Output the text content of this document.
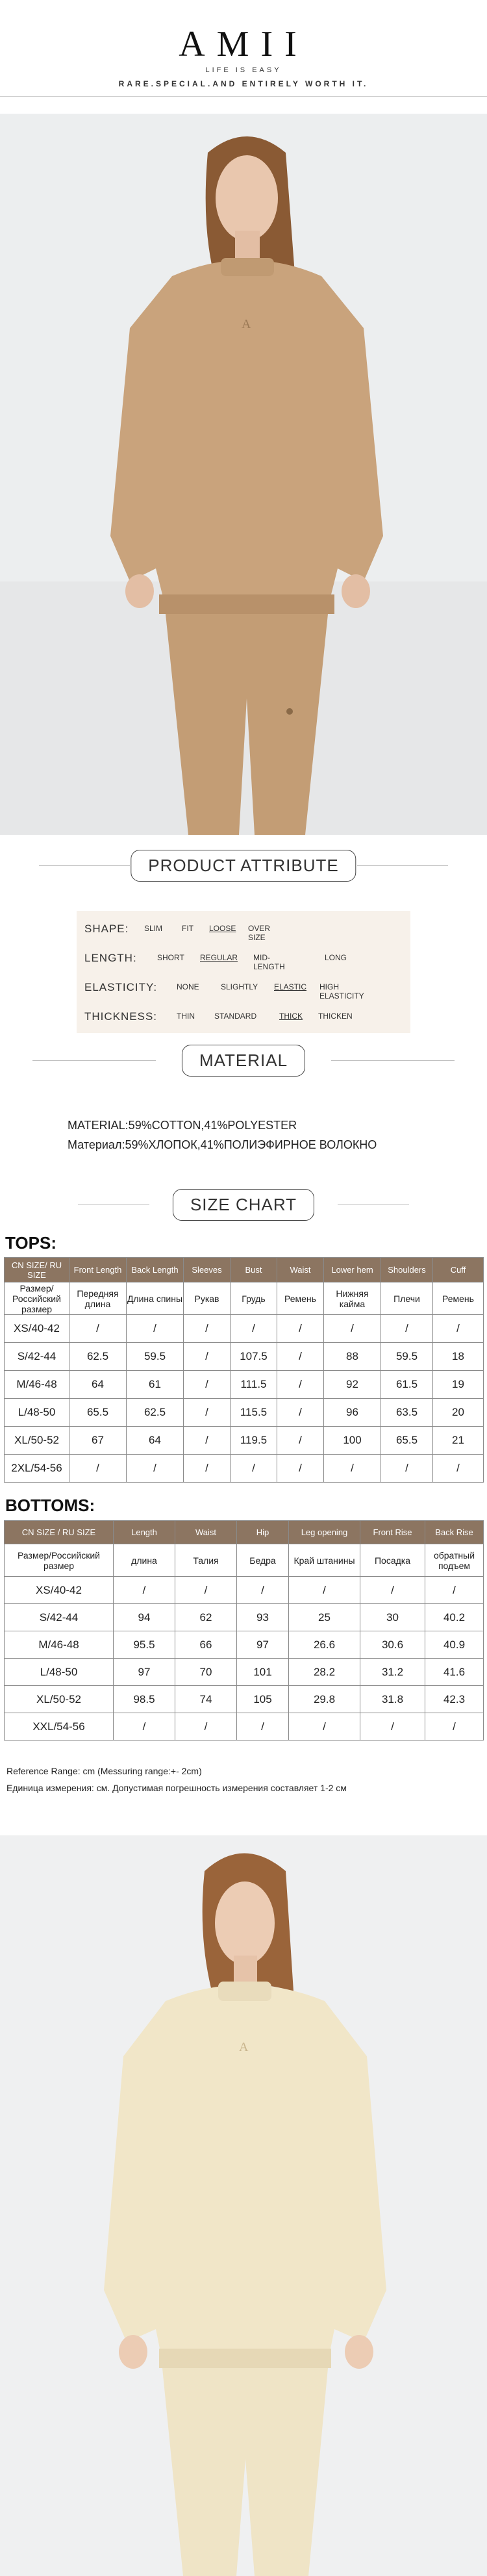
AMII
LIFE IS EASY
RARE.SPECIAL.AND ENTIRELY WORTH IT.
A
PRODUCT ATTRIBUTE
SHAPE: SLIM FIT LOOSE OVER SIZE
LENGTH:	SHORT REGULAR MID-LENGTH
LONG
ELASTICITY: NONE	SLIGHTLY ELASTIC HIGH ELASTICITY
THICKNESS: THIN	STANDARD	THICK THICKEN
MATERIAL
MATERIAL:59%COTTON,41%POLYESTER
Материал:59%ХЛОПОК,41%ПОЛИЭФИРНОЕ ВОЛОКНО
SIZE CHART
TOPS:
CN SIZE/ RU SIZE	Front Length	Back Length	Sleeves	Bust	Waist	Lower hem	Shoulders	Cuff
Размер/ Российский размер	Передняя длина	Длина спины	Рукав	Грудь	Ремень	Нижняя кайма	Плечи	Ремень
XS/40-42	/	/	/	/	/	/	/	/
S/42-44	62.5	59.5	/	107.5	/	88	59.5	18
M/46-48	64	61	/	111.5	/	92	61.5	19
L/48-50	65.5	62.5	/	115.5	/	96	63.5	20
XL/50-52	67	64	/	119.5	/	100	65.5	21
2XL/54-56	/	/	/	/	/	/	/	/
BOTTOMS:
CN SIZE / RU SIZE	Length	Waist	Hip	Leg opening	Front Rise	Back Rise
Размер/Российский размер	длина	Талия	Бедра	Край штанины	Посадка	обратный подъем
XS/40-42	/	/	/	/	/	/
S/42-44	94	62	93	25	30	40.2
M/46-48	95.5	66	97	26.6	30.6	40.9
L/48-50	97	70	101	28.2	31.2	41.6
XL/50-52	98.5	74	105	29.8	31.8	42.3
XXL/54-56	/	/	/	/	/	/
Reference Range: cm (Messuring range:+- 2cm)
Единица измерения: см. Допустимая погрешность измерения составляет 1-2 см
A
